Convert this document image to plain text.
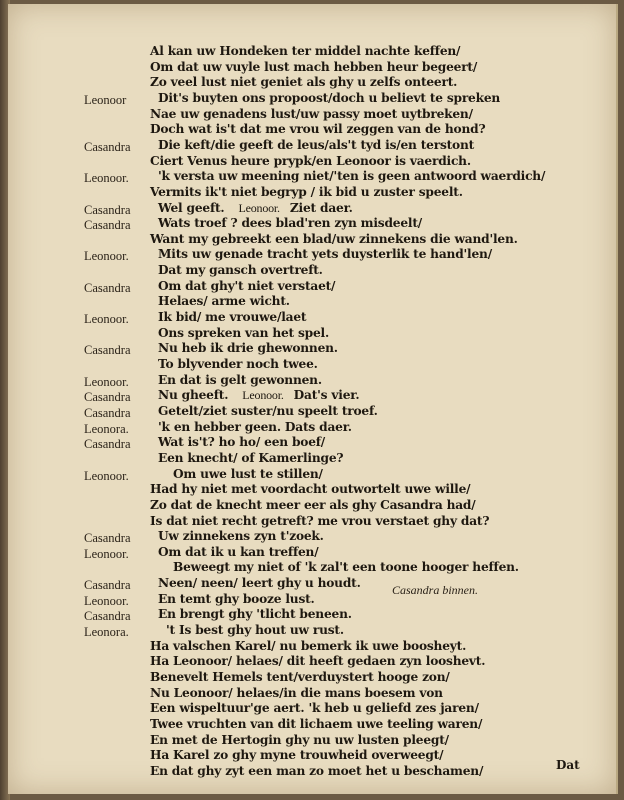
Al kan uw Hondeken ter middel nachte keffen/
Om dat uw vuyle lust mach hebben heur begeert/
Zo veel lust niet geniet als ghy u zelfs onteert.
Leonoor	Dit's buyten ons propoost/doch u believt te spreken
Nae uw genadens lust/uw passy moet uytbreken/
Doch wat is't dat me vrou wil zeggen van de hond?
Casandra Die keft/die geeft de leus/als't tyd is/en terstont
Ciert Venus heure prypk/en Leonoor is vaerdich.
Leonoor. 'k versta uw meening niet/'ten is geen antwoord waerdich/
Vermits ik't niet begryp / ik bid u zuster speelt.
Casandra Wel geeft. Leonoor. Ziet daer.
Casandra Wats troef ? dees blad'ren zyn misdeelt/
Want my gebreekt een blad/uw zinnekens die wand'len.
Leonoor. Mits uw genade tracht yets duysterlik te hand'len/
Dat my gansch overtreft.
Casandra Om dat ghy't niet verstaet/
Helaes/ arme wicht.
Leonoor. Ik bid/ me vrouwe/laet
Ons spreken van het spel.
Casandra Nu heb ik drie ghewonnen.
To blyvender noch twee.
Leonoor. En dat is gelt gewonnen.
Casandra Nu gheeft. Leonoor. Dat's vier.
Casandra Getelt/ziet suster/nu speelt troef.
Leonora. 'k en hebber geen. Dats daer.
Casandra Wat is't? ho ho/ een boef/
Een knecht/ of Kamerlinge?
Leonoor.	Om uwe lust te stillen/
Had hy niet met voordacht outwortelt uwe wille/
Zo dat de knecht meer eer als ghy Casandra had/
Is dat niet recht getreft? me vrou verstaet ghy dat?
Casandra Uw zinnekens zyn t'zoek.
Leonoor. Om dat ik u kan treffen/
Beweegt my niet of 'k zal't een toone hooger heffen.
Casandra Neen/ neen/ leert ghy u houdt.
Leonoor. En temt ghy booze lust.
Casandra En brengt ghy 'tlicht beneen.
Leonora.	't Is best ghy hout uw rust.
Ha valschen Karel/ nu bemerk ik uwe boosheyt.
Ha Leonoor/ helaes/ dit heeft gedaen zyn looshevt.
Benevelt Hemels tent/verduystert hooge zon/
Nu Leonoor/ helaes/in die mans boesem von
Een wispeltuur'ge aert. 'k heb u geliefd zes jaren/
Twee vruchten van dit lichaem uwe teeling waren/
En met de Hertogin ghy nu uw lusten pleegt/
Ha Karel zo ghy myne trouwheid overweegt/
En dat ghy zyt een man zo moet het u beschamen/
Casandra binnen.
Dat
